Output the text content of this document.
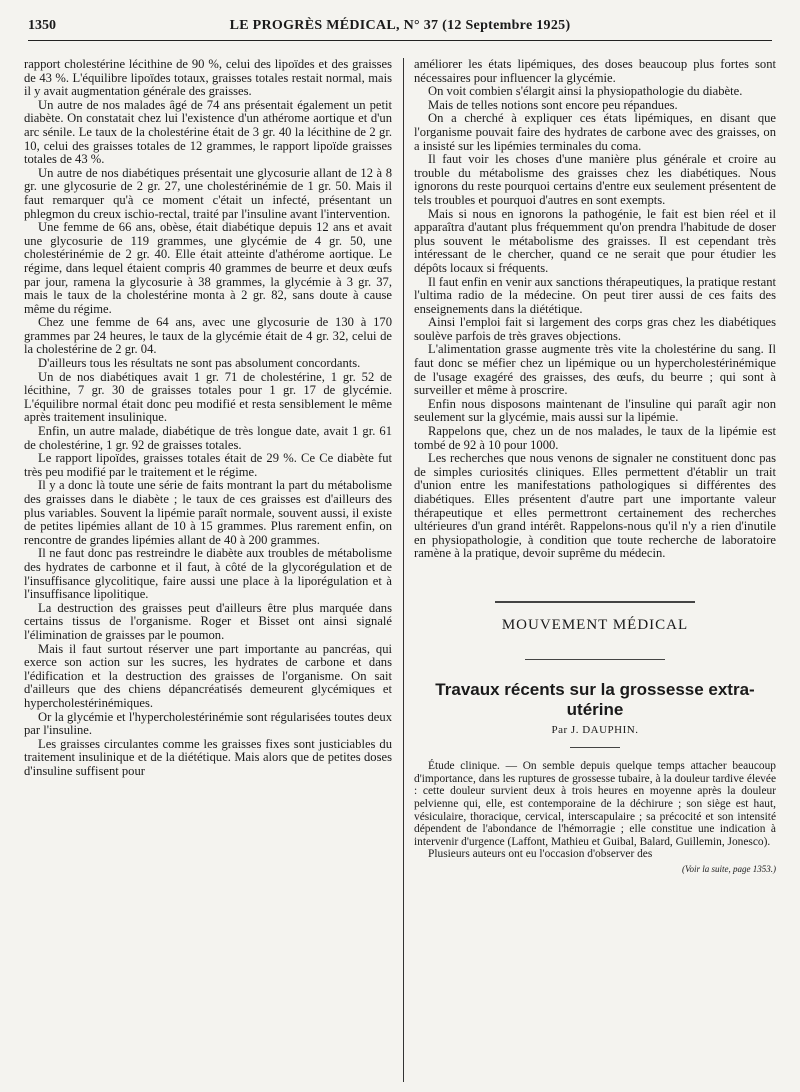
1350	LE PROGRÈS MÉDICAL, N° 37 (12 Septembre 1925)

rapport cholestérine lécithine de 90 %, celui des lipoïdes et des graisses de 43 %. L'équilibre lipoïdes totaux, graisses totales restait normal, mais il y avait augmentation générale des graisses.

Un autre de nos malades âgé de 74 ans présentait également un petit diabète. On constatait chez lui l'existence d'un athérome aortique et d'un arc sénile. Le taux de la cholestérine était de 3 gr. 40 la lécithine de 2 gr. 10, celui des graisses totales de 12 grammes, le rapport lipoïde graisses totales de 43 %.

Un autre de nos diabétiques présentait une glycosurie allant de 12 à 8 gr. une glycosurie de 2 gr. 27, une cholestérinémie de 1 gr. 50. Mais il faut remarquer qu'à ce moment c'était un infecté, présentant un phlegmon du creux ischio-rectal, traité par l'insuline avant l'intervention.

Une femme de 66 ans, obèse, était diabétique depuis 12 ans et avait une glycosurie de 119 grammes, une glycémie de 4 gr. 50, une cholestérinémie de 2 gr. 40. Elle était atteinte d'athérome aortique. Le régime, dans lequel étaient compris 40 grammes de beurre et deux œufs par jour, ramena la glycosurie à 38 grammes, la glycémie à 3 gr. 37, mais le taux de la cholestérine monta à 2 gr. 82, sans doute à cause même du régime.

Chez une femme de 64 ans, avec une glycosurie de 130 à 170 grammes par 24 heures, le taux de la glycémie était de 4 gr. 32, celui de la cholestérine de 2 gr. 04.

D'ailleurs tous les résultats ne sont pas absolument concordants.

Un de nos diabétiques avait 1 gr. 71 de cholestérine, 1 gr. 52 de lécithine, 7 gr. 30 de graisses totales pour 1 gr. 17 de glycémie. L'équilibre normal était donc peu modifié et resta sensiblement le même après traitement insulinique.

Enfin, un autre malade, diabétique de très longue date, avait 1 gr. 61 de cholestérine, 1 gr. 92 de graisses totales.

Le rapport lipoïdes, graisses totales était de 29 %. Ce Ce diabète fut très peu modifié par le traitement et le régime.

Il y a donc là toute une série de faits montrant la part du métabolisme des graisses dans le diabète ; le taux de ces graisses est d'ailleurs des plus variables. Souvent la lipémie paraît normale, souvent aussi, il existe de petites lipémies allant de 10 à 15 grammes. Plus rarement enfin, on rencontre de grandes lipémies allant de 40 à 200 grammes.

Il ne faut donc pas restreindre le diabète aux troubles de métabolisme des hydrates de carbonne et il faut, à côté de la glycorégulation et de l'insuffisance glycolitique, faire aussi une place à la liporégulation et à l'insuffisance lipolitique.

La destruction des graisses peut d'ailleurs être plus marquée dans certains tissus de l'organisme. Roger et Bisset ont ainsi signalé l'élimination de graisses par le poumon.

Mais il faut surtout réserver une part importante au pancréas, qui exerce son action sur les sucres, les hydrates de carbone et dans l'édification et la destruction des graisses de l'organisme. On sait d'ailleurs que des chiens dépancréatisés demeurent glycémiques et hypercholestérinémiques.

Or la glycémie et l'hypercholestérinémie sont régularisées toutes deux par l'insuline.

Les graisses circulantes comme les graisses fixes sont justiciables du traitement insulinique et de la diététique. Mais alors que de petites doses d'insuline suffisent pour

améliorer les états lipémiques, des doses beaucoup plus fortes sont nécessaires pour influencer la glycémie.

On voit combien s'élargit ainsi la physiopathologie du diabète.

Mais de telles notions sont encore peu répandues.

On a cherché à expliquer ces états lipémiques, en disant que l'organisme pouvait faire des hydrates de carbone avec des graisses, on a insisté sur les lipémies terminales du coma.

Il faut voir les choses d'une manière plus générale et croire au trouble du métabolisme des graisses chez les diabétiques. Nous ignorons du reste pourquoi certains d'entre eux seulement présentent de tels troubles et pourquoi d'autres en sont exempts.

Mais si nous en ignorons la pathogénie, le fait est bien réel et il apparaîtra d'autant plus fréquemment qu'on prendra l'habitude de doser plus souvent le métabolisme des graisses. Il est cependant très intéressant de le chercher, quand ce ne serait que pour étudier les dépôts locaux si fréquents.

Il faut enfin en venir aux sanctions thérapeutiques, la pratique restant l'ultima radio de la médecine. On peut tirer aussi de ces faits des enseignements dans la diététique.

Ainsi l'emploi fait si largement des corps gras chez les diabétiques soulève parfois de très graves objections.

L'alimentation grasse augmente très vite la cholestérine du sang. Il faut donc se méfier chez un lipémique ou un hypercholestérinémique de l'usage exagéré des graisses, des œufs, du beurre ; qui sont à surveiller et même à proscrire.

Enfin nous disposons maintenant de l'insuline qui paraît agir non seulement sur la glycémie, mais aussi sur la lipémie.

Rappelons que, chez un de nos malades, le taux de la lipémie est tombé de 92 à 10 pour 1000.

Les recherches que nous venons de signaler ne constituent donc pas de simples curiosités cliniques. Elles permettent d'établir un trait d'union entre les manifestations pathologiques si différentes des diabétiques. Elles présentent d'autre part une importante valeur thérapeutique et elles permettront certainement des recherches ultérieures d'un grand intérêt. Rappelons-nous qu'il n'y a rien d'inutile en physiopathologie, à condition que toute recherche de laboratoire ramène à la pratique, devoir suprême du médecin.

MOUVEMENT MÉDICAL
Travaux récents sur la grossesse extra-utérine
Par J. DAUPHIN.

Étude clinique. — On semble depuis quelque temps attacher beaucoup d'importance, dans les ruptures de grossesse tubaire, à la douleur tardive élevée : cette douleur survient deux à trois heures en moyenne après la douleur pelvienne qui, elle, est contemporaine de la déchirure ; son siège est haut, vésiculaire, thoracique, cervical, interscapulaire ; sa précocité et son intensité dépendent de l'abondance de l'hémorragie ; elle constitue une indication à intervenir d'urgence (Laffont, Mathieu et Guibal, Balard, Guillemin, Jonesco).

Plusieurs auteurs ont eu l'occasion d'observer des

(Voir la suite, page 1353.)
